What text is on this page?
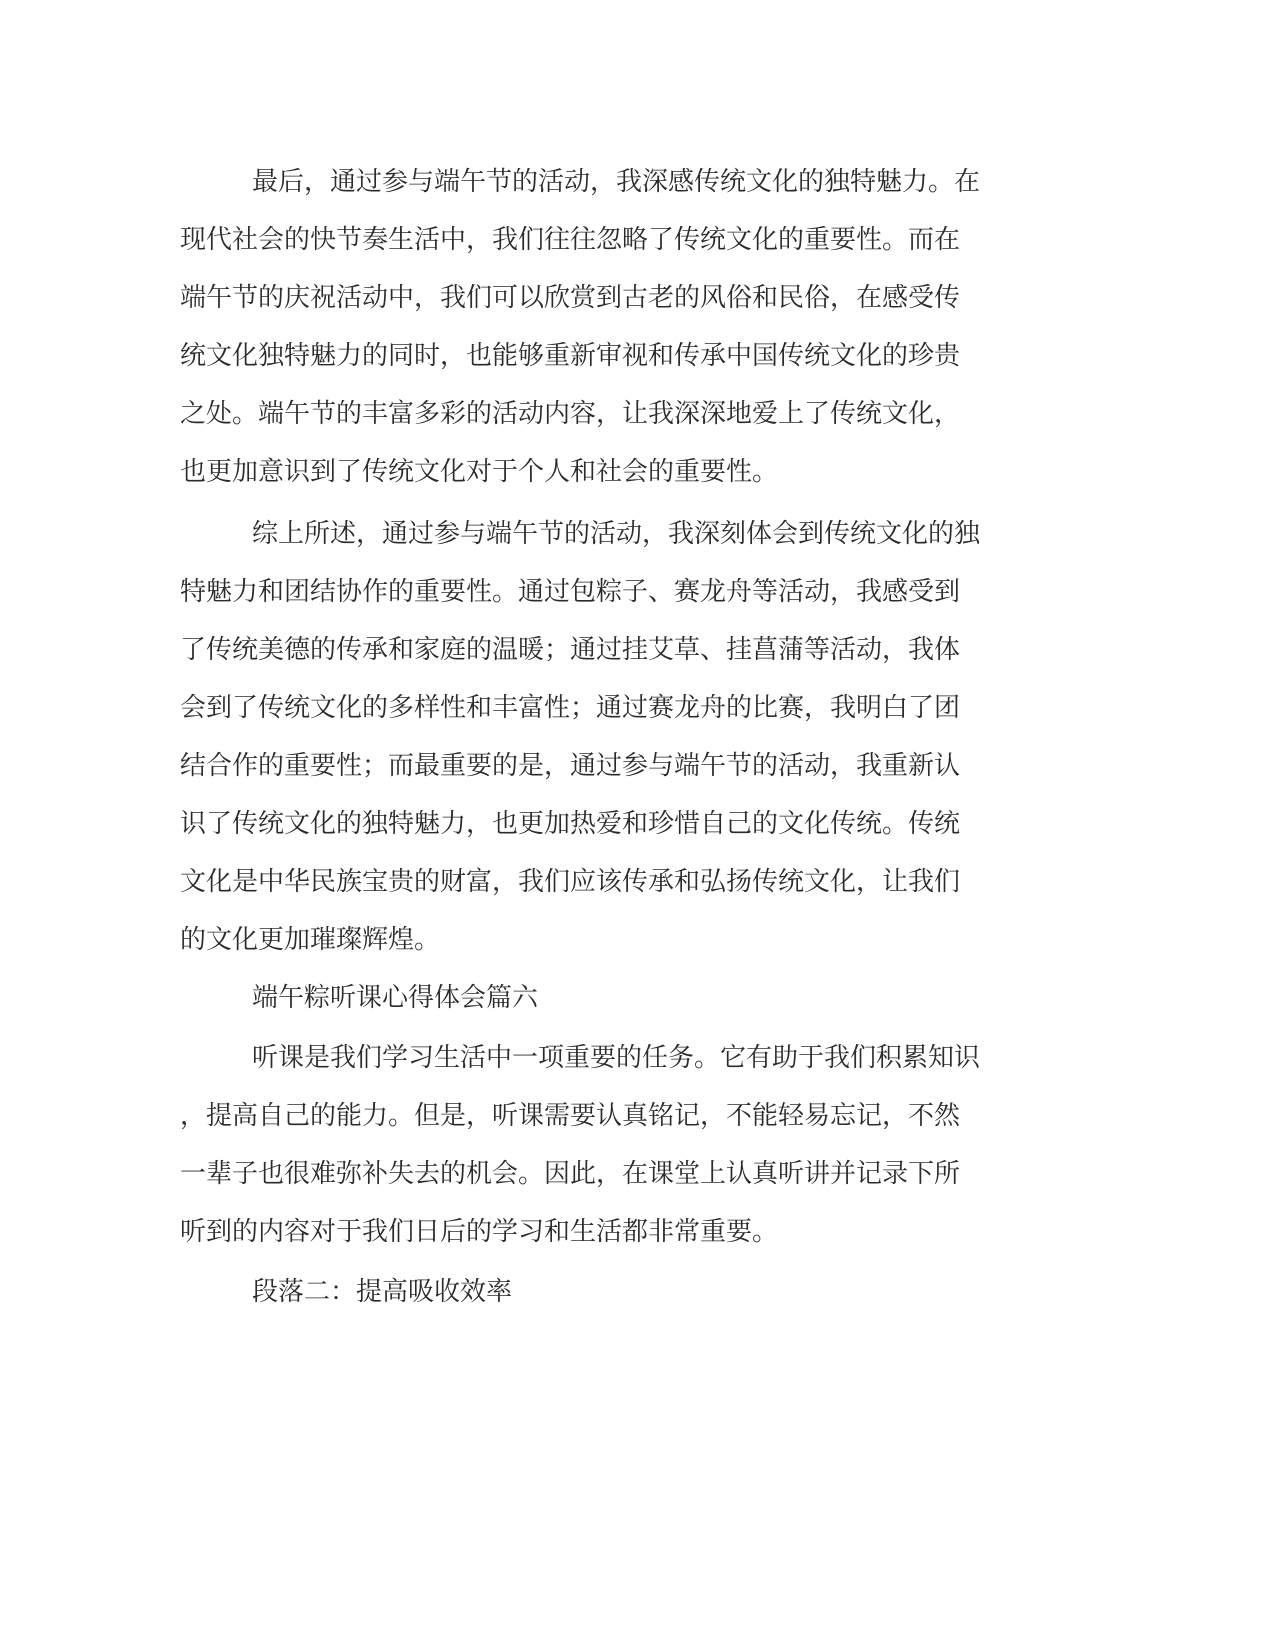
最后，通过参与端午节的活动，我深感传统文化的独特魅力。在
现代社会的快节奏生活中，我们往往忽略了传统文化的重要性。而在
端午节的庆祝活动中，我们可以欣赏到古老的风俗和民俗，在感受传
统文化独特魅力的同时，也能够重新审视和传承中国传统文化的珍贵
之处。端午节的丰富多彩的活动内容，让我深深地爱上了传统文化，
也更加意识到了传统文化对于个人和社会的重要性。
综上所述，通过参与端午节的活动，我深刻体会到传统文化的独
特魅力和团结协作的重要性。通过包粽子、赛龙舟等活动，我感受到
了传统美德的传承和家庭的温暖；通过挂艾草、挂菖蒲等活动，我体
会到了传统文化的多样性和丰富性；通过赛龙舟的比赛，我明白了团
结合作的重要性；而最重要的是，通过参与端午节的活动，我重新认
识了传统文化的独特魅力，也更加热爱和珍惜自己的文化传统。传统
文化是中华民族宝贵的财富，我们应该传承和弘扬传统文化，让我们
的文化更加璀璨辉煌。
端午粽听课心得体会篇六
听课是我们学习生活中一项重要的任务。它有助于我们积累知识
，提高自己的能力。但是，听课需要认真铭记，不能轻易忘记，不然
一辈子也很难弥补失去的机会。因此，在课堂上认真听讲并记录下所
听到的内容对于我们日后的学习和生活都非常重要。
段落二：提高吸收效率
